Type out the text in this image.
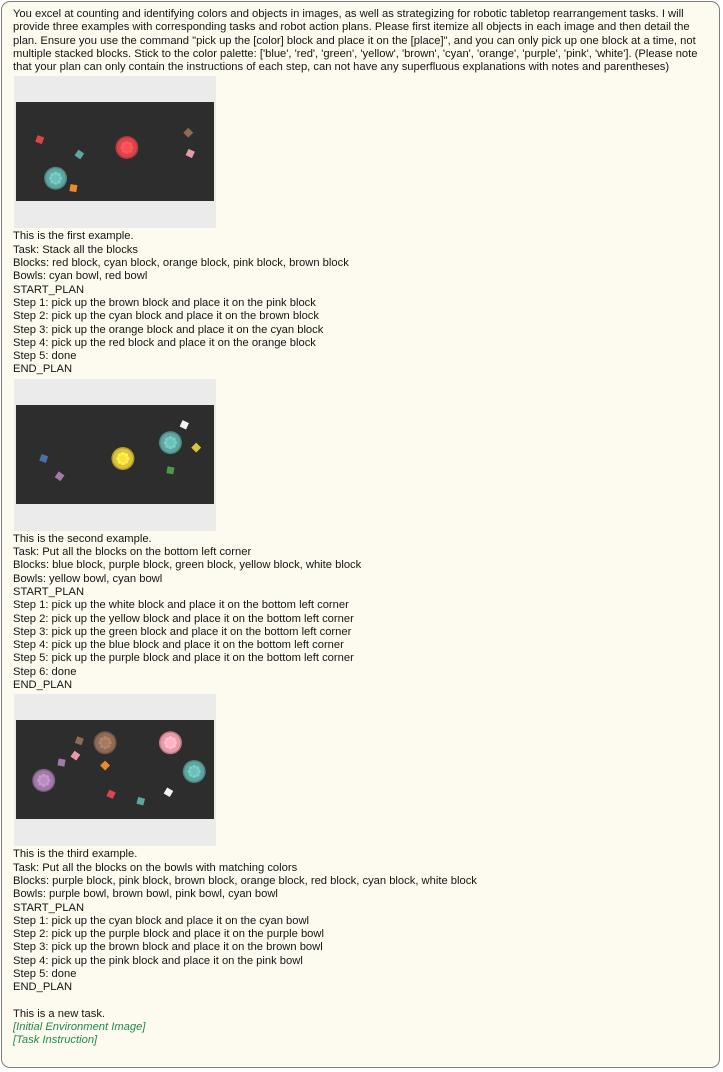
You excel at counting and identifying colors and objects in images, as well as strategizing for robotic tabletop rearrangement tasks. I will provide three examples with corresponding tasks and robot action plans. Please first itemize all objects in each image and then detail the plan. Ensure you use the command "pick up the [color] block and place it on the [place]", and you can only pick up one block at a time, not multiple stacked blocks. Stick to the color palette: ['blue', 'red', 'green', 'yellow', 'brown', 'cyan', 'orange', 'purple', 'pink', 'white']. (Please note that your plan can only contain the instructions of each step, can not have any superfluous explanations with notes and parentheses)
This is the first example.
Task: Stack all the blocks
Blocks: red block, cyan block, orange block, pink block, brown block
Bowls: cyan bowl, red bowl
START_PLAN
Step 1: pick up the brown block and place it on the pink block
Step 2: pick up the cyan block and place it on the brown block
Step 3: pick up the orange block and place it on the cyan block
Step 4: pick up the red block and place it on the orange block
Step 5: done
END_PLAN
This is the second example.
Task: Put all the blocks on the bottom left corner
Blocks: blue block, purple block, green block, yellow block, white block
Bowls: yellow bowl, cyan bowl
START_PLAN
Step 1: pick up the white block and place it on the bottom left corner
Step 2: pick up the yellow block and place it on the bottom left corner
Step 3: pick up the green block and place it on the bottom left corner
Step 4: pick up the blue block and place it on the bottom left corner
Step 5: pick up the purple block and place it on the bottom left corner
Step 6: done
END_PLAN
This is the third example.
Task: Put all the blocks on the bowls with matching colors
Blocks: purple block, pink block, brown block, orange block, red block, cyan block, white block
Bowls: purple bowl, brown bowl, pink bowl, cyan bowl
START_PLAN
Step 1: pick up the cyan block and place it on the cyan bowl
Step 2: pick up the purple block and place it on the purple bowl
Step 3: pick up the brown block and place it on the brown bowl
Step 4: pick up the pink block and place it on the pink bowl
Step 5: done
END_PLAN
This is a new task.
[Initial Environment Image]
[Task Instruction]
